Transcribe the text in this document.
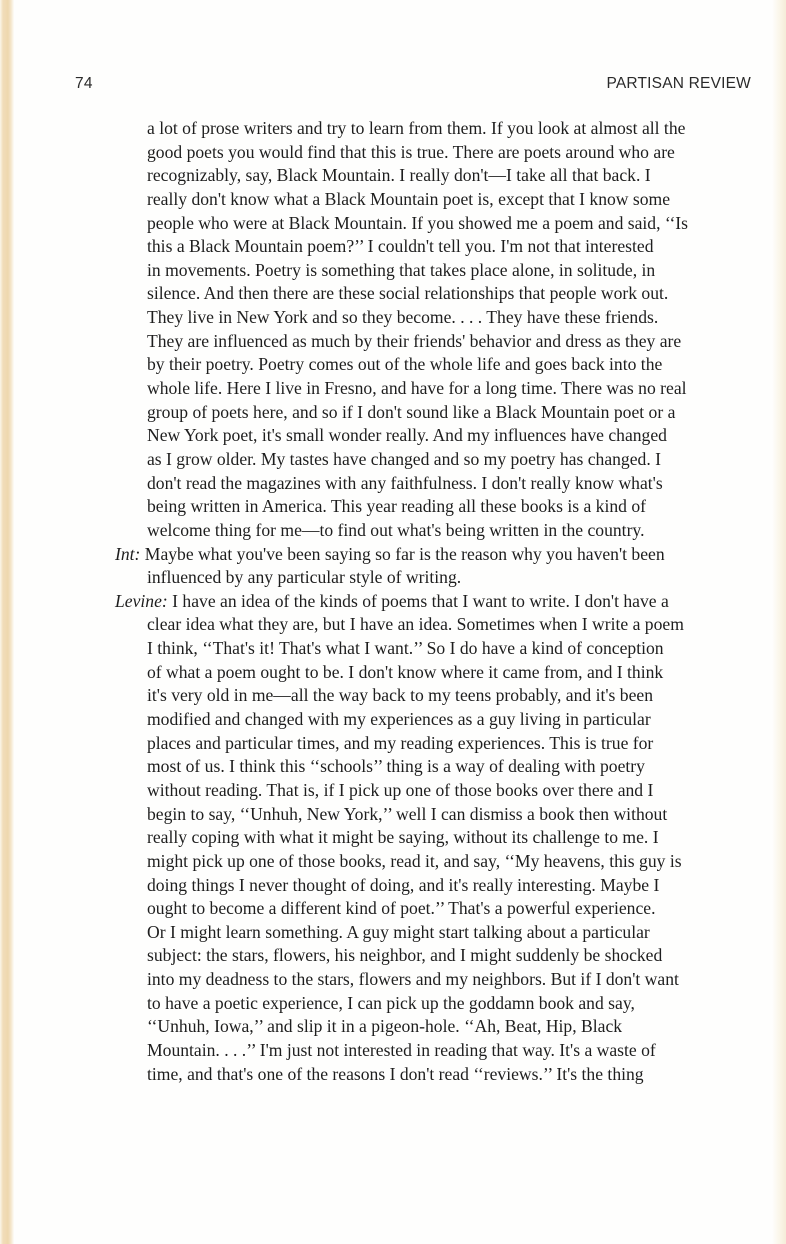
74	PARTISAN REVIEW
a lot of prose writers and try to learn from them. If you look at almost all the
good poets you would find that this is true. There are poets around who are
recognizably, say, Black Mountain. I really don't—I take all that back. I
really don't know what a Black Mountain poet is, except that I know some
people who were at Black Mountain. If you showed me a poem and said, ‘‘Is
this a Black Mountain poem?’’ I couldn't tell you. I'm not that interested
in movements. Poetry is something that takes place alone, in solitude, in
silence. And then there are these social relationships that people work out.
They live in New York and so they become. . . . They have these friends.
They are influenced as much by their friends' behavior and dress as they are
by their poetry. Poetry comes out of the whole life and goes back into the
whole life. Here I live in Fresno, and have for a long time. There was no real
group of poets here, and so if I don't sound like a Black Mountain poet or a
New York poet, it's small wonder really. And my influences have changed
as I grow older. My tastes have changed and so my poetry has changed. I
don't read the magazines with any faithfulness. I don't really know what's
being written in America. This year reading all these books is a kind of
welcome thing for me—to find out what's being written in the country.
Int: Maybe what you've been saying so far is the reason why you haven't been
influenced by any particular style of writing.
Levine: I have an idea of the kinds of poems that I want to write. I don't have a
clear idea what they are, but I have an idea. Sometimes when I write a poem
I think, ‘‘That's it! That's what I want.’’ So I do have a kind of conception
of what a poem ought to be. I don't know where it came from, and I think
it's very old in me—all the way back to my teens probably, and it's been
modified and changed with my experiences as a guy living in particular
places and particular times, and my reading experiences. This is true for
most of us. I think this ‘‘schools’’ thing is a way of dealing with poetry
without reading. That is, if I pick up one of those books over there and I
begin to say, ‘‘Unhuh, New York,’’ well I can dismiss a book then without
really coping with what it might be saying, without its challenge to me. I
might pick up one of those books, read it, and say, ‘‘My heavens, this guy is
doing things I never thought of doing, and it's really interesting. Maybe I
ought to become a different kind of poet.’’ That's a powerful experience.
Or I might learn something. A guy might start talking about a particular
subject: the stars, flowers, his neighbor, and I might suddenly be shocked
into my deadness to the stars, flowers and my neighbors. But if I don't want
to have a poetic experience, I can pick up the goddamn book and say,
‘‘Unhuh, Iowa,’’ and slip it in a pigeon-hole. ‘‘Ah, Beat, Hip, Black
Mountain. . . .’’ I'm just not interested in reading that way. It's a waste of
time, and that's one of the reasons I don't read ‘‘reviews.’’ It's the thing
